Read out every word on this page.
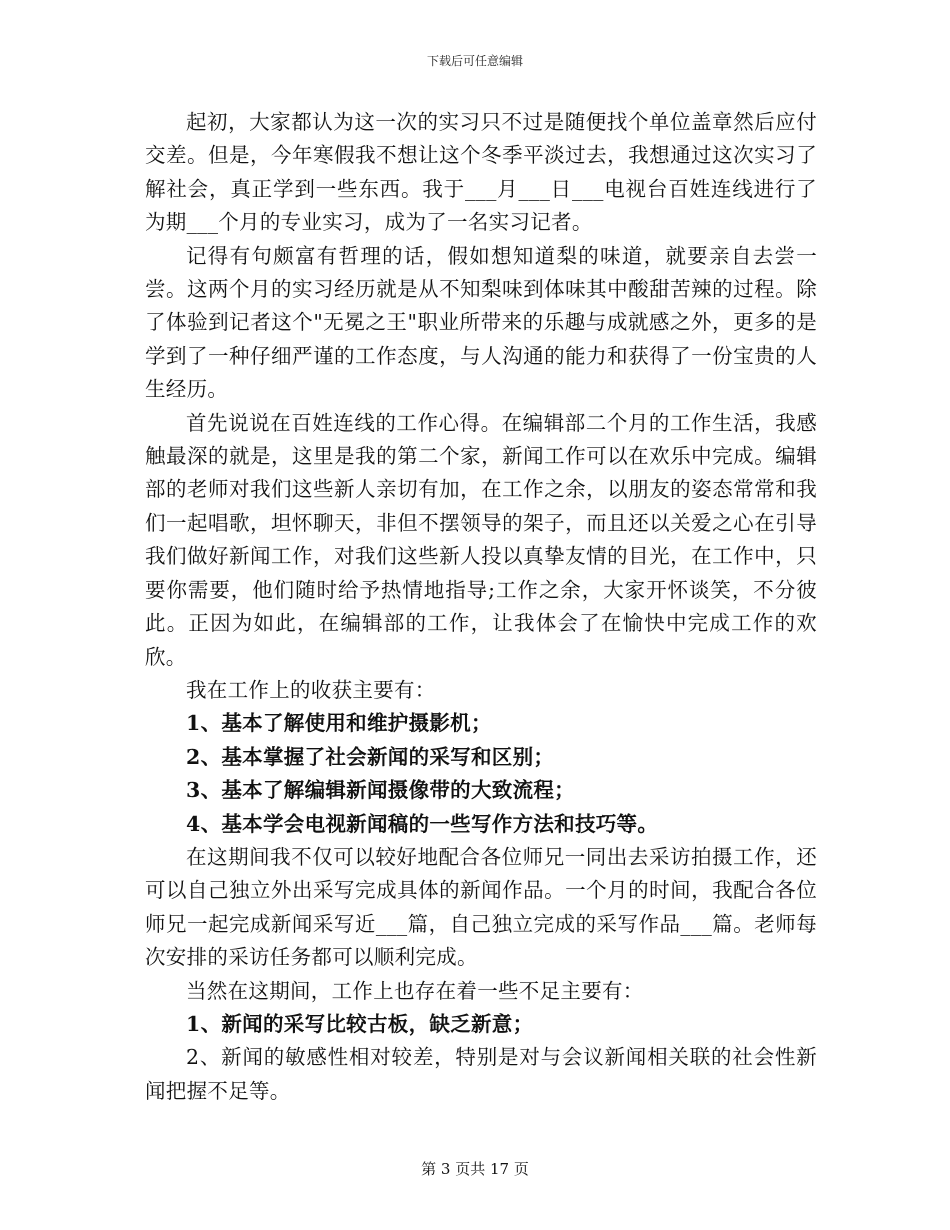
下载后可任意编辑

起初，大家都认为这一次的实习只不过是随便找个单位盖章然后应付交差。但是，今年寒假我不想让这个冬季平淡过去，我想通过这次实习了解社会，真正学到一些东西。我于___月___日___电视台百姓连线进行了为期___个月的专业实习，成为了一名实习记者。

记得有句颇富有哲理的话，假如想知道梨的味道，就要亲自去尝一尝。这两个月的实习经历就是从不知梨味到体味其中酸甜苦辣的过程。除了体验到记者这个"无冕之王"职业所带来的乐趣与成就感之外，更多的是学到了一种仔细严谨的工作态度，与人沟通的能力和获得了一份宝贵的人生经历。

首先说说在百姓连线的工作心得。在编辑部二个月的工作生活，我感触最深的就是，这里是我的第二个家，新闻工作可以在欢乐中完成。编辑部的老师对我们这些新人亲切有加，在工作之余，以朋友的姿态常常和我们一起唱歌，坦怀聊天，非但不摆领导的架子，而且还以关爱之心在引导我们做好新闻工作，对我们这些新人投以真挚友情的目光，在工作中，只要你需要，他们随时给予热情地指导;工作之余，大家开怀谈笑，不分彼此。正因为如此，在编辑部的工作，让我体会了在愉快中完成工作的欢欣。

我在工作上的收获主要有：

1、基本了解使用和维护摄影机；

2、基本掌握了社会新闻的采写和区别；

3、基本了解编辑新闻摄像带的大致流程；

4、基本学会电视新闻稿的一些写作方法和技巧等。

在这期间我不仅可以较好地配合各位师兄一同出去采访拍摄工作，还可以自己独立外出采写完成具体的新闻作品。一个月的时间，我配合各位师兄一起完成新闻采写近___篇，自己独立完成的采写作品___篇。老师每次安排的采访任务都可以顺利完成。

当然在这期间，工作上也存在着一些不足主要有：

1、新闻的采写比较古板，缺乏新意；

2、新闻的敏感性相对较差，特别是对与会议新闻相关联的社会性新闻把握不足等。

第 3 页共 17 页
